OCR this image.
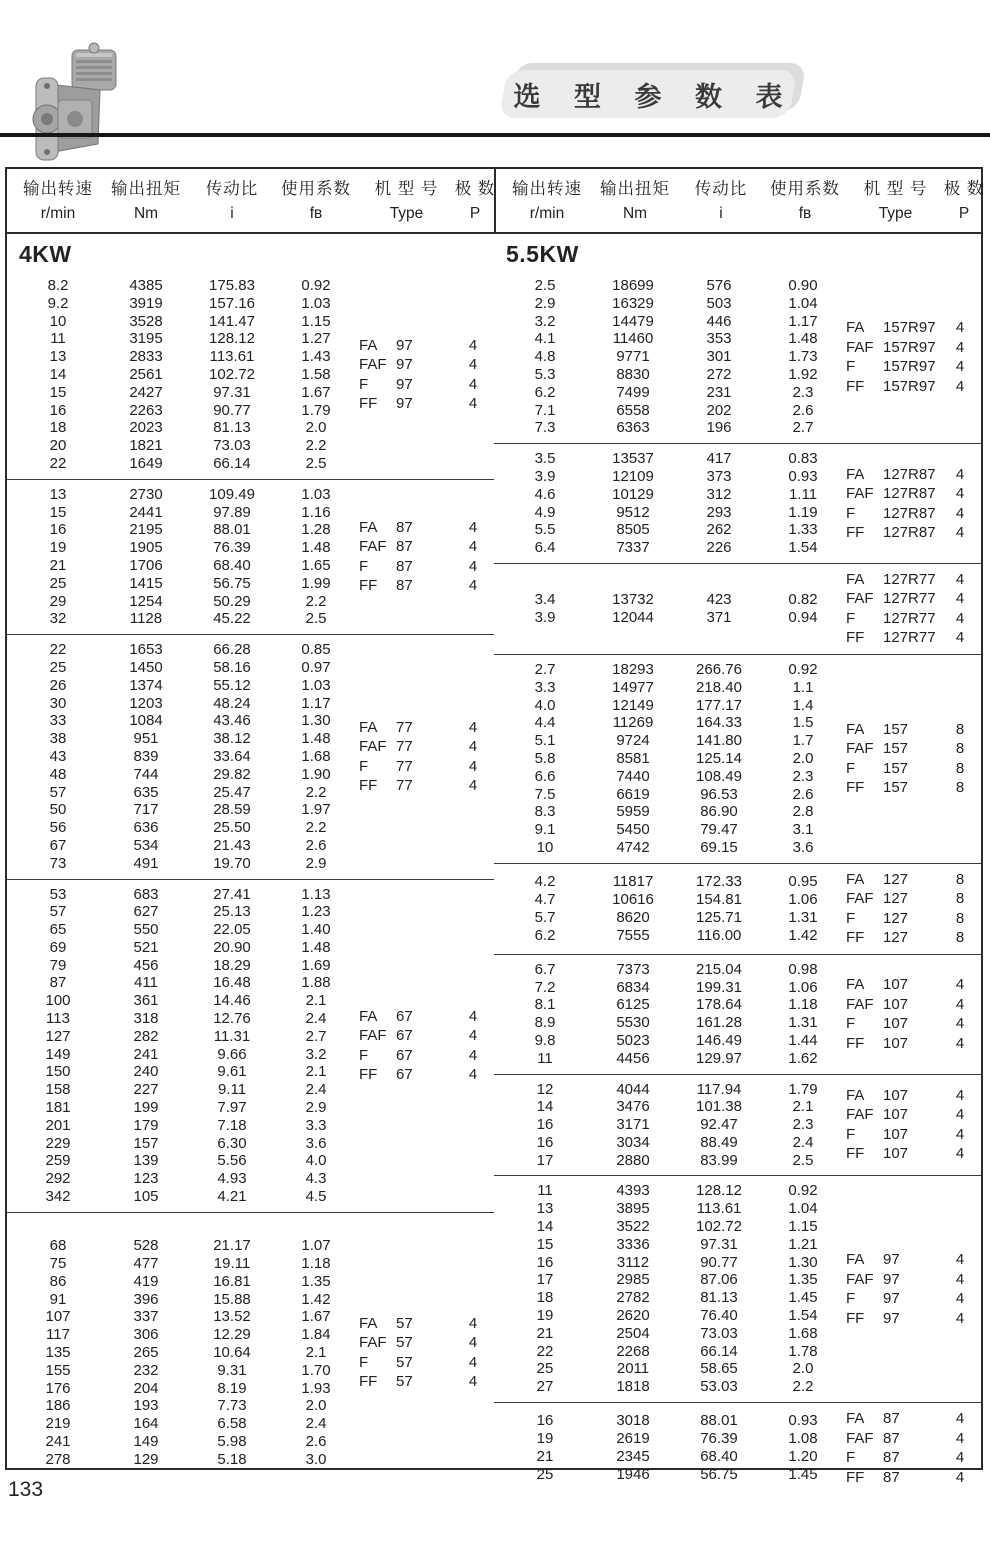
选 型 参 数 表
输出转速
r/min
输出扭矩
Nm
传动比
i
使用系数
fʙ
机 型 号
Type
极 数
P
输出转速
r/min
输出扭矩
Nm
传动比
i
使用系数
fʙ
机 型 号
Type
极 数
P
4KW
8.2	4385	175.83	0.92
9.2	3919	157.16	1.03
10	3528	141.47	1.15
11	3195	128.12	1.27
13	2833	113.61	1.43
14	2561	102.72	1.58
15	2427	97.31	1.67
16	2263	90.77	1.79
18	2023	81.13	2.0
20	1821	73.03	2.2
22	1649	66.14	2.5
FA 97	4
FAF 97	4
F 97	4
FF 97	4
13	2730	109.49	1.03
15	2441	97.89	1.16
16	2195	88.01	1.28
19	1905	76.39	1.48
21	1706	68.40	1.65
25	1415	56.75	1.99
29	1254	50.29	2.2
32	1128	45.22	2.5
FA 87	4
FAF 87	4
F 87	4
FF 87	4
22	1653	66.28	0.85
25	1450	58.16	0.97
26	1374	55.12	1.03
30	1203	48.24	1.17
33	1084	43.46	1.30
38	951	38.12	1.48
43	839	33.64	1.68
48	744	29.82	1.90
57	635	25.47	2.2
50	717	28.59	1.97
56	636	25.50	2.2
67	534	21.43	2.6
73	491	19.70	2.9
FA 77	4
FAF 77	4
F 77	4
FF 77	4
53	683	27.41	1.13
57	627	25.13	1.23
65	550	22.05	1.40
69	521	20.90	1.48
79	456	18.29	1.69
87	411	16.48	1.88
100	361	14.46	2.1
113	318	12.76	2.4
127	282	11.31	2.7
149	241	9.66	3.2
150	240	9.61	2.1
158	227	9.11	2.4
181	199	7.97	2.9
201	179	7.18	3.3
229	157	6.30	3.6
259	139	5.56	4.0
292	123	4.93	4.3
342	105	4.21	4.5
FA 67	4
FAF 67	4
F 67	4
FF 67	4
68	528	21.17	1.07
75	477	19.11	1.18
86	419	16.81	1.35
91	396	15.88	1.42
107	337	13.52	1.67
117	306	12.29	1.84
135	265	10.64	2.1
155	232	9.31	1.70
176	204	8.19	1.93
186	193	7.73	2.0
219	164	6.58	2.4
241	149	5.98	2.6
278	129	5.18	3.0
FA 57	4
FAF 57	4
F 57	4
FF 57	4
5.5KW
2.5	18699	576	0.90
2.9	16329	503	1.04
3.2	14479	446	1.17
4.1	11460	353	1.48
4.8	9771	301	1.73
5.3	8830	272	1.92
6.2	7499	231	2.3
7.1	6558	202	2.6
7.3	6363	196	2.7
FA 157R97	4
FAF 157R97	4
F 157R97	4
FF 157R97	4
3.5	13537	417	0.83
3.9	12109	373	0.93
4.6	10129	312	1.11
4.9	9512	293	1.19
5.5	8505	262	1.33
6.4	7337	226	1.54
FA 127R87	4
FAF 127R87	4
F 127R87	4
FF 127R87	4
3.4	13732	423	0.82
3.9	12044	371	0.94
FA 127R77	4
FAF 127R77	4
F 127R77	4
FF 127R77	4
2.7	18293	266.76	0.92
3.3	14977	218.40	1.1
4.0	12149	177.17	1.4
4.4	11269	164.33	1.5
5.1	9724	141.80	1.7
5.8	8581	125.14	2.0
6.6	7440	108.49	2.3
7.5	6619	96.53	2.6
8.3	5959	86.90	2.8
9.1	5450	79.47	3.1
10	4742	69.15	3.6
FA 157	8
FAF 157	8
F 157	8
FF 157	8
4.2	11817	172.33	0.95
4.7	10616	154.81	1.06
5.7	8620	125.71	1.31
6.2	7555	116.00	1.42
FA 127	8
FAF 127	8
F 127	8
FF 127	8
6.7	7373	215.04	0.98
7.2	6834	199.31	1.06
8.1	6125	178.64	1.18
8.9	5530	161.28	1.31
9.8	5023	146.49	1.44
11	4456	129.97	1.62
FA 107	4
FAF 107	4
F 107	4
FF 107	4
12	4044	117.94	1.79
14	3476	101.38	2.1
16	3171	92.47	2.3
16	3034	88.49	2.4
17	2880	83.99	2.5
FA 107	4
FAF 107	4
F 107	4
FF 107	4
11	4393	128.12	0.92
13	3895	113.61	1.04
14	3522	102.72	1.15
15	3336	97.31	1.21
16	3112	90.77	1.30
17	2985	87.06	1.35
18	2782	81.13	1.45
19	2620	76.40	1.54
21	2504	73.03	1.68
22	2268	66.14	1.78
25	2011	58.65	2.0
27	1818	53.03	2.2
FA 97	4
FAF 97	4
F 97	4
FF 97	4
16	3018	88.01	0.93
19	2619	76.39	1.08
21	2345	68.40	1.20
25	1946	56.75	1.45
FA 87	4
FAF 87	4
F 87	4
FF 87	4
133
